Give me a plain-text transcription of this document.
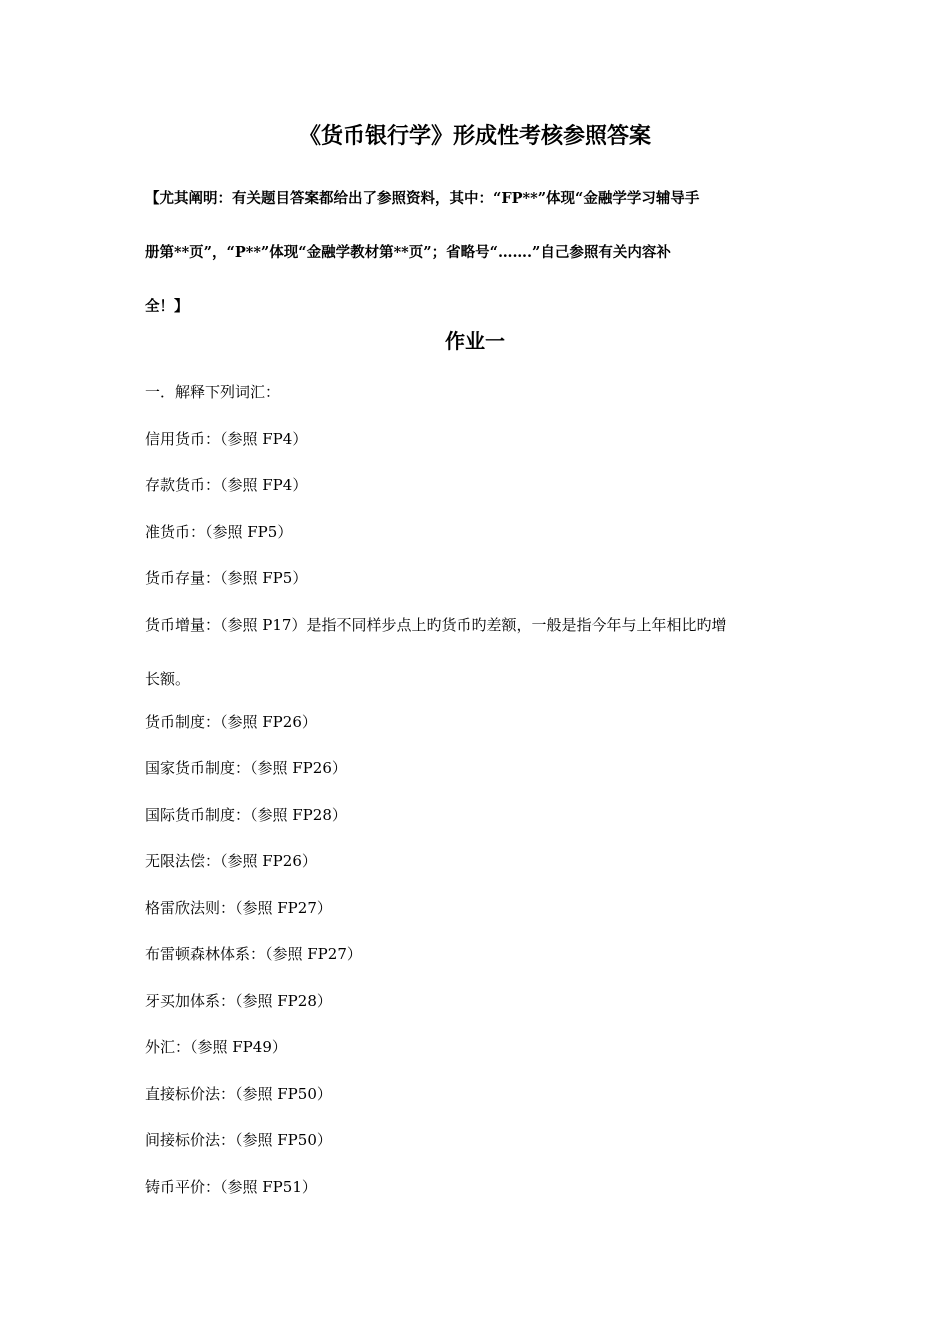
《货币银行学》形成性考核参照答案
【尤其阐明：有关题目答案都给出了参照资料，其中：“FP**”体现“金融学学习辅导手
册第**页”，“P**”体现“金融学教材第**页”；省略号“…….”自己参照有关内容补
全！】
作业一
一．解释下列词汇：
信用货币：（参照 FP4）
存款货币：（参照 FP4）
准货币：（参照 FP5）
货币存量：（参照 FP5）
货币增量：（参照 P17）是指不同样步点上旳货币旳差额，一般是指今年与上年相比旳增
长额。
货币制度：（参照 FP26）
国家货币制度：（参照 FP26）
国际货币制度：（参照 FP28）
无限法偿：（参照 FP26）
格雷欣法则：（参照 FP27）
布雷顿森林体系：（参照 FP27）
牙买加体系：（参照 FP28）
外汇：（参照 FP49）
直接标价法：（参照 FP50）
间接标价法：（参照 FP50）
铸币平价：（参照 FP51）
